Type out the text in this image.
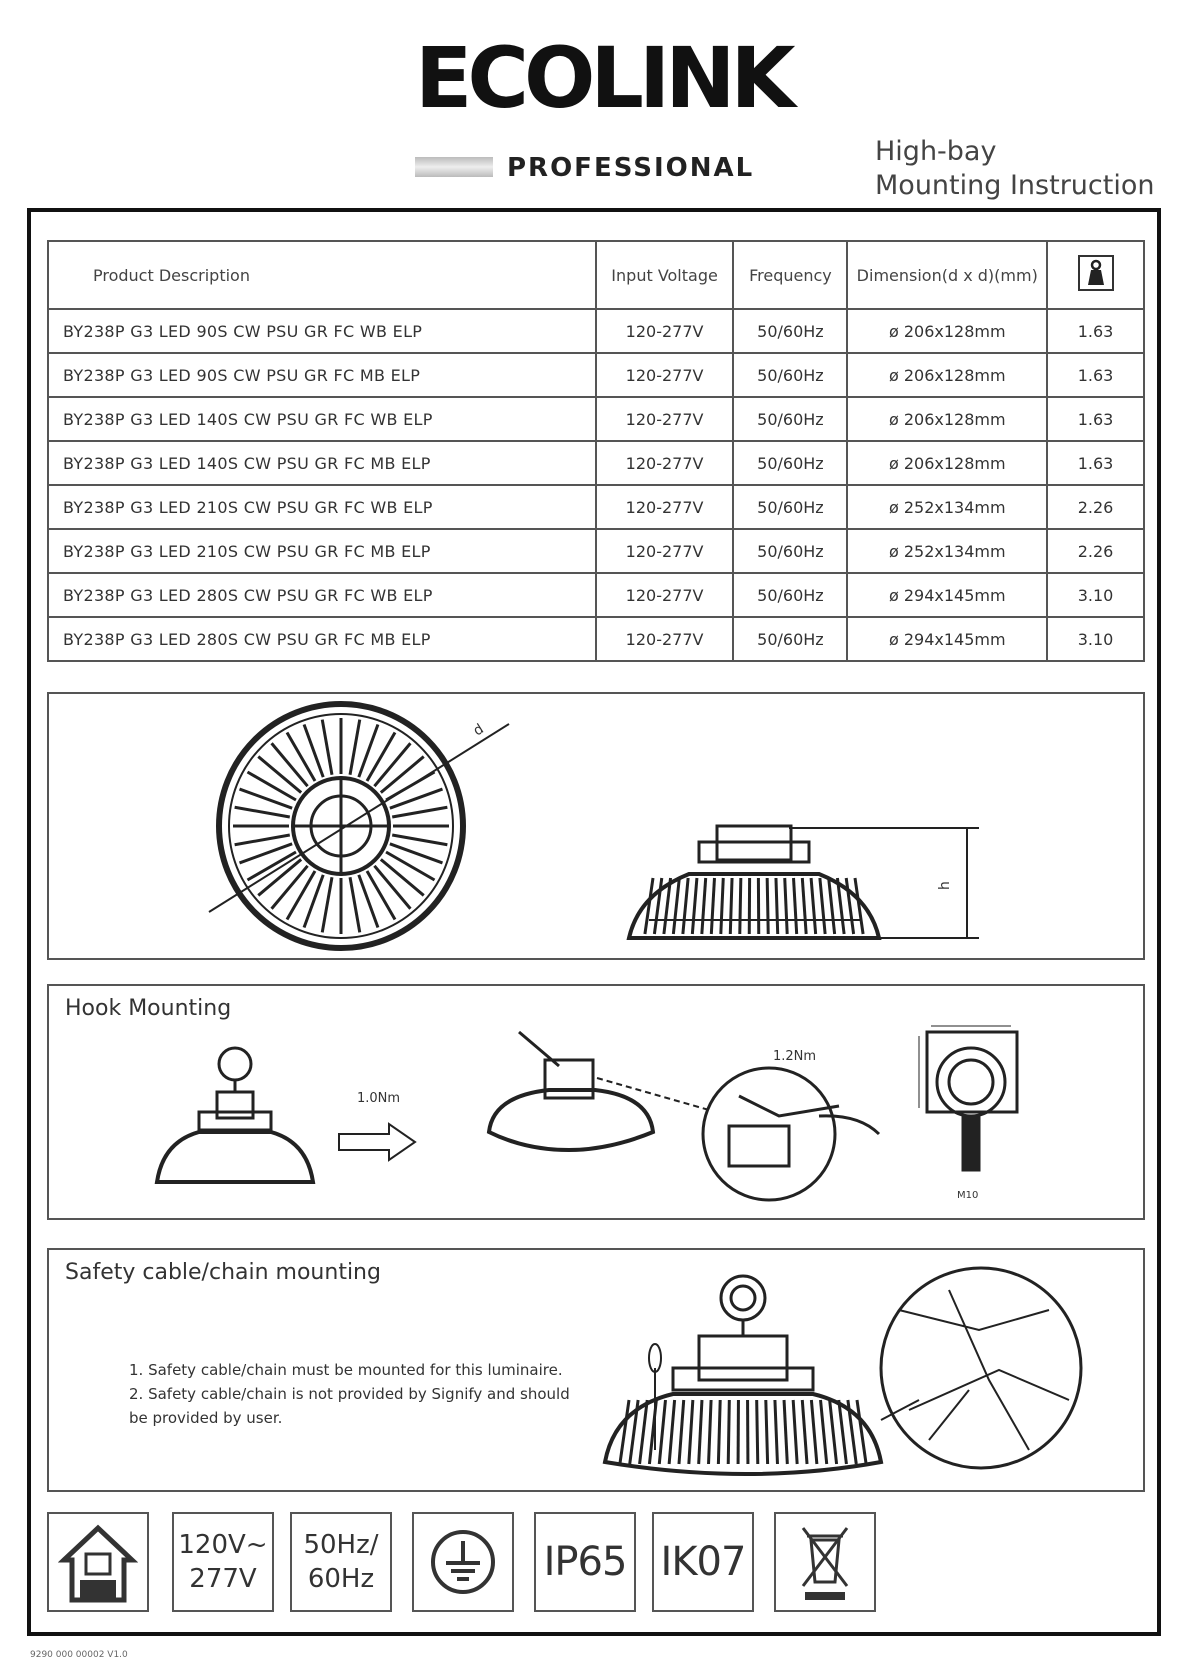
ECOLINK
PROFESSIONAL
High-bay
Mounting Instruction
Product Description	Input Voltage	Frequency	Dimension(d x d)(mm)	
BY238P G3 LED 90S CW PSU GR FC WB ELP	120-277V	50/60Hz	ø 206x128mm	1.63
BY238P G3 LED 90S CW PSU GR FC MB ELP	120-277V	50/60Hz	ø 206x128mm	1.63
BY238P G3 LED 140S CW PSU GR FC WB ELP	120-277V	50/60Hz	ø 206x128mm	1.63
BY238P G3 LED 140S CW PSU GR FC MB ELP	120-277V	50/60Hz	ø 206x128mm	1.63
BY238P G3 LED 210S CW PSU GR FC WB ELP	120-277V	50/60Hz	ø 252x134mm	2.26
BY238P G3 LED 210S CW PSU GR FC MB ELP	120-277V	50/60Hz	ø 252x134mm	2.26
BY238P G3 LED 280S CW PSU GR FC WB ELP	120-277V	50/60Hz	ø 294x145mm	3.10
BY238P G3 LED 280S CW PSU GR FC MB ELP	120-277V	50/60Hz	ø 294x145mm	3.10
d
h
Hook Mounting
1.0Nm
1.2Nm
M10
Safety cable/chain mounting
1. Safety cable/chain must be mounted for this luminaire.
2. Safety cable/chain is not provided by Signify and should be provided by user.
120V~
277V
50Hz/
60Hz	IP65 IK07
9290 000 00002 V1.0
